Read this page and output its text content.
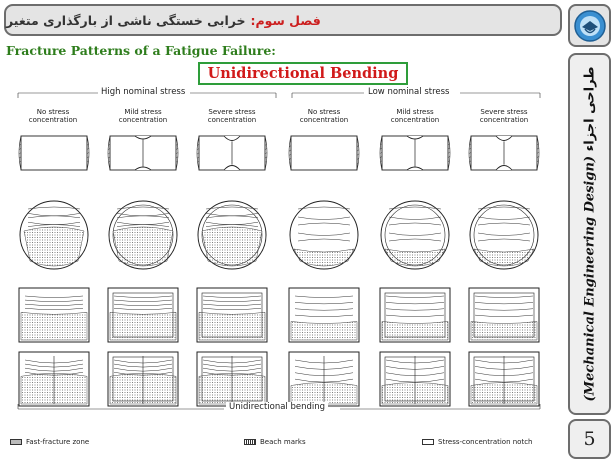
فصل سوم:
خرابی خستگی ناشی از بارگذاری متغیر
(Mechanical Engineering Design) طراحی اجزاء
5
Fracture Patterns of a Fatigue Failure:
Unidirectional Bending
High nominal stress	Low nominal stress
No stress
concentration
Mild stress
concentration
Severe stress
concentration
No stress
concentration
Mild stress
concentration
Severe stress
concentration
Unidirectional bending
Fast-fracture zone	Beach marks	Stress-concentration notch
